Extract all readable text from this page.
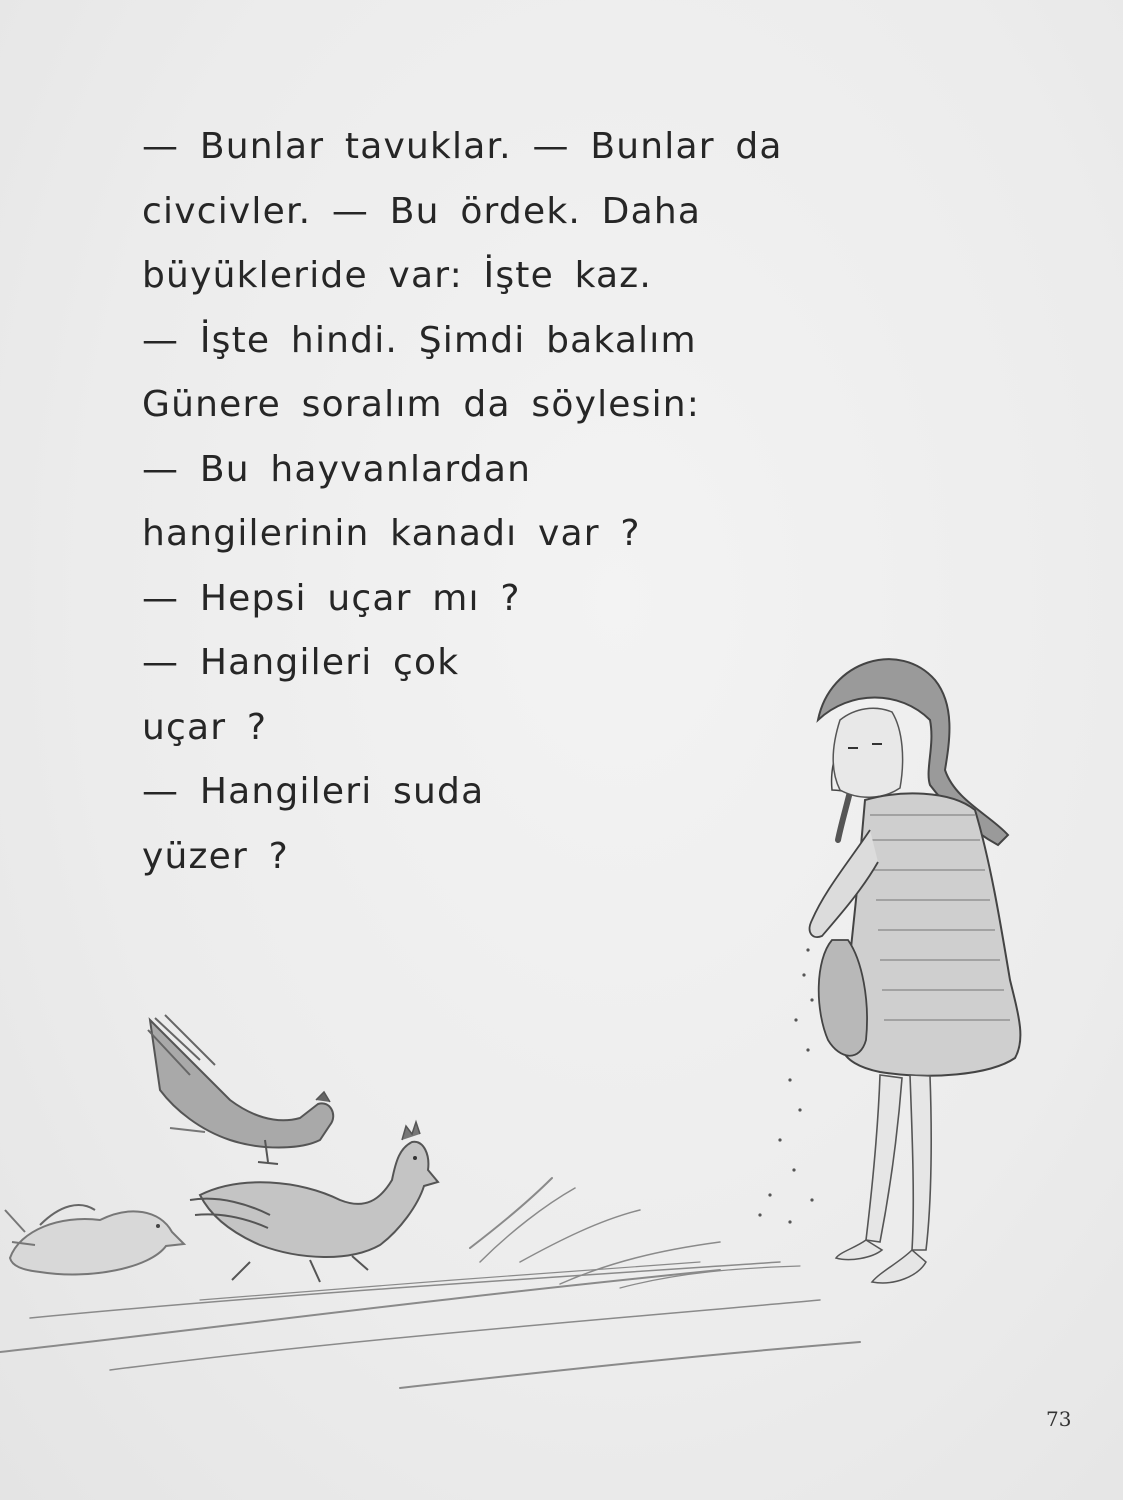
— Bunlar tavuklar. — Bunlar da
civcivler. — Bu ördek. Daha
büyükleride var: İşte kaz.
— İşte hindi. Şimdi bakalım
Günere soralım da söylesin:
— Bu hayvanlardan
hangilerinin kanadı var ?
— Hepsi uçar mı ?
— Hangileri çok
uçar ?
— Hangileri suda
yüzer ?
73
